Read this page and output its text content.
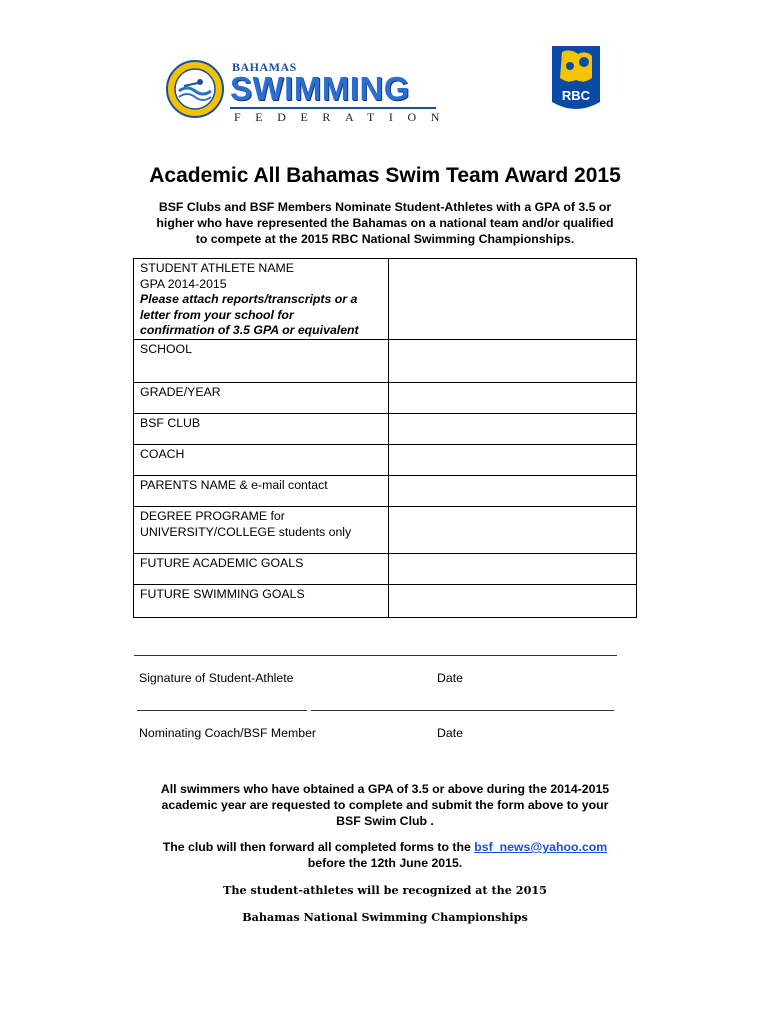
BAHAMAS
SWIMMING
FEDERATION
RBC
Academic All Bahamas Swim Team Award 2015
BSF Clubs and BSF Members Nominate Student-Athletes with a GPA of 3.5 or
higher who have represented the Bahamas on a national team and/or qualified
to compete at the 2015 RBC National Swimming Championships.
STUDENT ATHLETE NAME
GPA 2014-2015
Please attach reports/transcripts or a
letter from your school for
confirmation of 3.5 GPA or equivalent	

SCHOOL	

GRADE/YEAR	

BSF CLUB	

COACH	

PARENTS NAME & e-mail contact	

DEGREE PROGRAME for
UNIVERSITY/COLLEGE students only	

FUTURE ACADEMIC GOALS	

FUTURE SWIMMING GOALS	

Signature of Student-Athlete	Date
Nominating Coach/BSF Member	Date
All swimmers who have obtained a GPA of 3.5 or above during the 2014-2015
academic year are requested to complete and submit the form above to your
BSF Swim Club .
The club will then forward all completed forms to the bsf_news@yahoo.com
before the 12th June 2015.
The student-athletes will be recognized at the 2015
Bahamas National Swimming Championships
